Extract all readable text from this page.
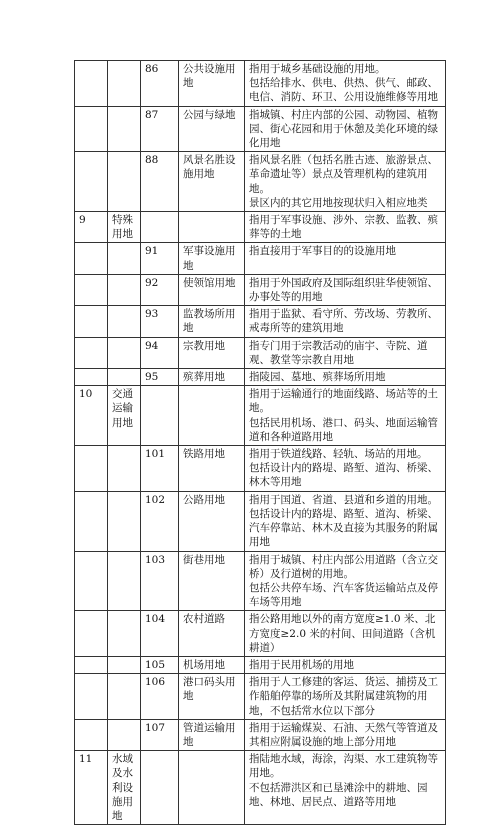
		86	公共设施用地	指用于城乡基础设施的用地。
包括给排水、供电、供热、供气、邮政、电信、消防、环卫、公用设施维修等用地

		87	公园与绿地	指城镇、村庄内部的公园、动物园、植物园、街心花园和用于休憩及美化环境的绿化用地

		88	风景名胜设施用地	指风景名胜（包括名胜古迹、旅游景点、革命遗址等）景点及管理机构的建筑用地。
景区内的其它用地按现状归入相应地类

9	特殊用地			指用于军事设施、涉外、宗教、监教、殡葬等的土地

		91	军事设施用地	指直接用于军事目的的设施用地

		92	使领馆用地	指用于外国政府及国际组织驻华使领馆、办事处等的用地

		93	监教场所用地	指用于监狱、看守所、劳改场、劳教所、戒毒所等的建筑用地

		94	宗教用地	指专门用于宗教活动的庙宇、寺院、道观、教堂等宗教自用地

		95	殡葬用地	指陵园、墓地、殡葬场所用地

10	交通运输用地			指用于运输通行的地面线路、场站等的土地。
包括民用机场、港口、码头、地面运输管道和各种道路用地

		101	铁路用地	指用于铁道线路、轻轨、场站的用地。
包括设计内的路堤、路堑、道沟、桥梁、林木等用地

		102	公路用地	指用于国道、省道、县道和乡道的用地。包括设计内的路堤、路堑、道沟、桥梁、汽车停靠站、林木及直接为其服务的附属用地

		103	街巷用地	指用于城镇、村庄内部公用道路（含立交桥）及行道树的用地。
包括公共停车场、汽车客货运输站点及停车场等用地

		104	农村道路	指公路用地以外的南方宽度≥1.0 米、北方宽度≥2.0 米的村间、田间道路（含机耕道）

		105	机场用地	指用于民用机场的用地

		106	港口码头用地	指用于人工修建的客运、货运、捕捞及工作船舶停靠的场所及其附属建筑物的用地，不包括常水位以下部分

		107	管道运输用地	指用于运输煤炭、石油、天然气等管道及其相应附属设施的地上部分用地

11	水域及水利设施用地			指陆地水域，海涂，沟渠、水工建筑物等用地。
不包括滞洪区和已垦滩涂中的耕地、园地、林地、居民点、道路等用地
